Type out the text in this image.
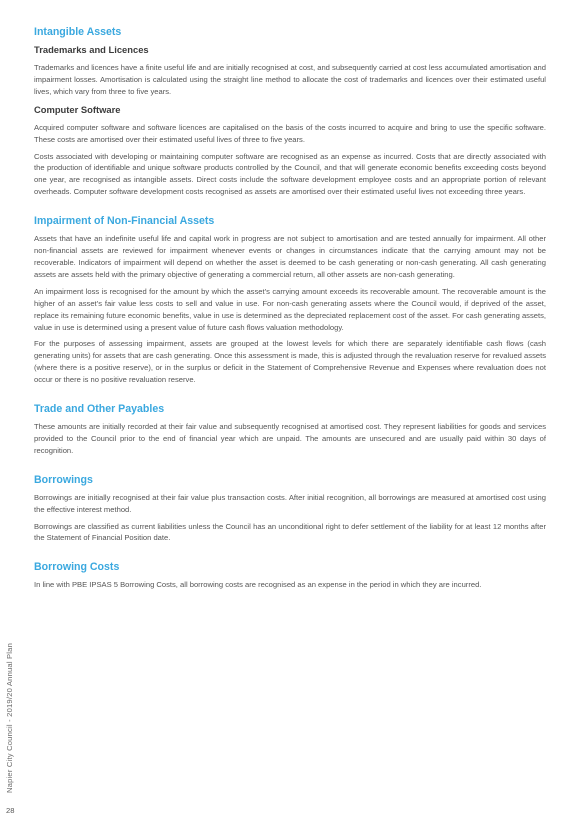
Intangible Assets
Trademarks and Licences

Trademarks and licences have a finite useful life and are initially recognised at cost, and subsequently carried at cost less accumulated amortisation and impairment losses. Amortisation is calculated using the straight line method to allocate the cost of trademarks and licences over their estimated useful lives, which vary from three to five years.

Computer Software

Acquired computer software and software licences are capitalised on the basis of the costs incurred to acquire and bring to use the specific software. These costs are amortised over their estimated useful lives of three to five years.

Costs associated with developing or maintaining computer software are recognised as an expense as incurred. Costs that are directly associated with the production of identifiable and unique software products controlled by the Council, and that will generate economic benefits exceeding costs beyond one year, are recognised as intangible assets. Direct costs include the software development employee costs and an appropriate portion of relevant overheads. Computer software development costs recognised as assets are amortised over their estimated useful lives not exceeding three years.

Impairment of Non-Financial Assets

Assets that have an indefinite useful life and capital work in progress are not subject to amortisation and are tested annually for impairment. All other non-financial assets are reviewed for impairment whenever events or changes in circumstances indicate that the carrying amount may not be recoverable. Indicators of impairment will depend on whether the asset is deemed to be cash generating or non-cash generating. All cash generating assets are assets held with the primary objective of generating a commercial return, all other assets are non-cash generating.

An impairment loss is recognised for the amount by which the asset’s carrying amount exceeds its recoverable amount. The recoverable amount is the higher of an asset’s fair value less costs to sell and value in use. For non-cash generating assets where the Council would, if deprived of the asset, replace its remaining future economic benefits, value in use is determined as the depreciated replacement cost of the asset. For cash generating assets, value in use is determined using a present value of future cash flows valuation methodology.

For the purposes of assessing impairment, assets are grouped at the lowest levels for which there are separately identifiable cash flows (cash generating units) for assets that are cash generating. Once this assessment is made, this is adjusted through the revaluation reserve for revalued assets (where there is a positive reserve), or in the surplus or deficit in the Statement of Comprehensive Revenue and Expenses where revaluation does not occur or there is no positive revaluation reserve.

Trade and Other Payables

These amounts are initially recorded at their fair value and subsequently recognised at amortised cost. They represent liabilities for goods and services provided to the Council prior to the end of financial year which are unpaid. The amounts are unsecured and are usually paid within 30 days of recognition.

Borrowings

Borrowings are initially recognised at their fair value plus transaction costs. After initial recognition, all borrowings are measured at amortised cost using the effective interest method.

Borrowings are classified as current liabilities unless the Council has an unconditional right to defer settlement of the liability for at least 12 months after the Statement of Financial Position date.

Borrowing Costs

In line with PBE IPSAS 5 Borrowing Costs, all borrowing costs are recognised as an expense in the period in which they are incurred.

Napier City Council - 2019/20 Annual Plan
28
